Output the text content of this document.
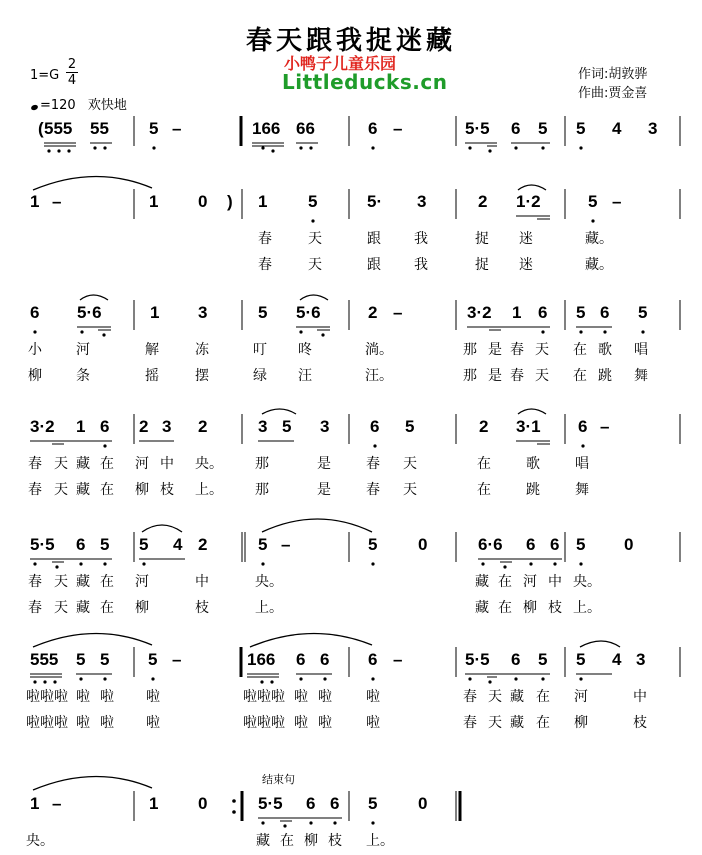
春天跟我捉迷藏
小鸭子儿童乐园
Littleducks.cn
$1=G \frac{2}{4}$
=120 欢快地
作词:胡敦骅
作曲:贾金喜
结束句
( 555 55 5 –	166 66	6 –	5·5 6 5 5 4 3
1 –	1 0 ) 1 5	5· 3	2 1·2	5 –
春	天	跟 我	捉 迷	藏。
春	天	跟 我	捉 迷	藏。
6 5·6	1 3	5 5·6	2 –	3·2 1 6 5 6 5
小 河	解	冻	叮 咚	淌。	那 是 春 天 在 歌 唱
柳 条	摇	摆	绿 汪	汪。	那 是 春 天 在 跳 舞
3·2 1 6 2 3 2	3 5 3 6 5	2 3·1 6 –
春 天 藏 在 河 中 央。 那	是	春 天	在	歌	唱
春 天 藏 在 柳 枝 上。 那	是	春 天	在	跳	舞
5·5 6 5 5 4 2	5 –	5 0	6·6 6 6 5 0
春 天 藏 在 河	中	央。	藏 在 河 中 央。
春 天 藏 在 柳	枝	上。	藏 在 柳 枝 上。
555 5 5 5 –	166 6 6 6 –	5·5 6 5 5 4 3
啦啦啦 啦 啦 啦	啦啦啦 啦 啦 啦	春 天 藏 在 河	中
啦啦啦 啦 啦 啦	啦啦啦 啦 啦 啦	春 天 藏 在 柳	枝
1 –	1 0	5·5 6 6 5 0
央。	藏 在 柳 枝 上。
